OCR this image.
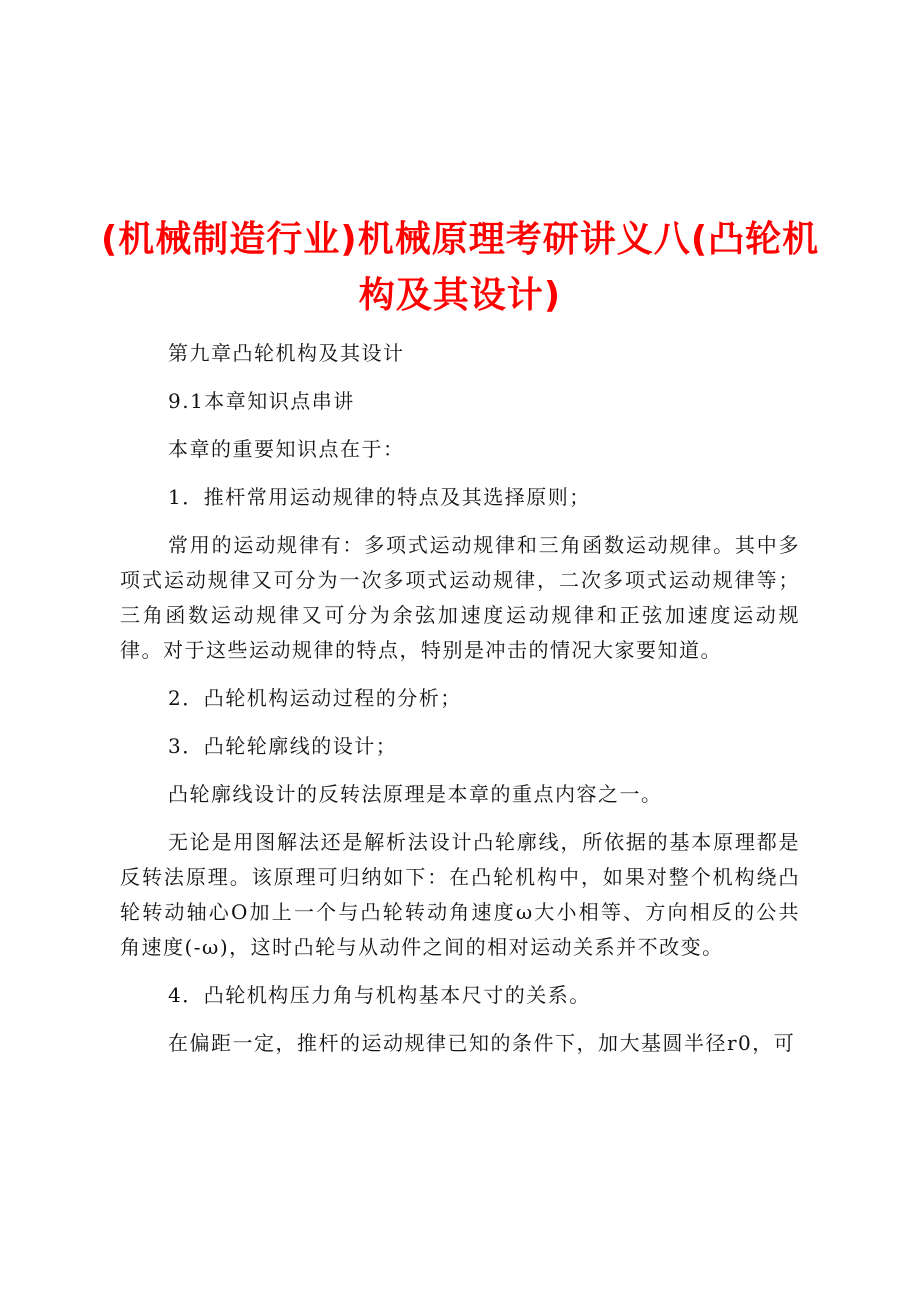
(机械制造行业)机械原理考研讲义八(凸轮机
构及其设计)

第九章凸轮机构及其设计

9.1本章知识点串讲

本章的重要知识点在于：

1．推杆常用运动规律的特点及其选择原则；

常用的运动规律有：多项式运动规律和三角函数运动规律。其中多项式运动规律又可分为一次多项式运动规律，二次多项式运动规律等；三角函数运动规律又可分为余弦加速度运动规律和正弦加速度运动规律。对于这些运动规律的特点，特别是冲击的情况大家要知道。

2．凸轮机构运动过程的分析；

3．凸轮轮廓线的设计；

凸轮廓线设计的反转法原理是本章的重点内容之一。

无论是用图解法还是解析法设计凸轮廓线，所依据的基本原理都是反转法原理。该原理可归纳如下：在凸轮机构中，如果对整个机构绕凸轮转动轴心O加上一个与凸轮转动角速度ω大小相等、方向相反的公共角速度(-ω)，这时凸轮与从动件之间的相对运动关系并不改变。

4．凸轮机构压力角与机构基本尺寸的关系。

在偏距一定，推杆的运动规律已知的条件下，加大基圆半径r0，可
